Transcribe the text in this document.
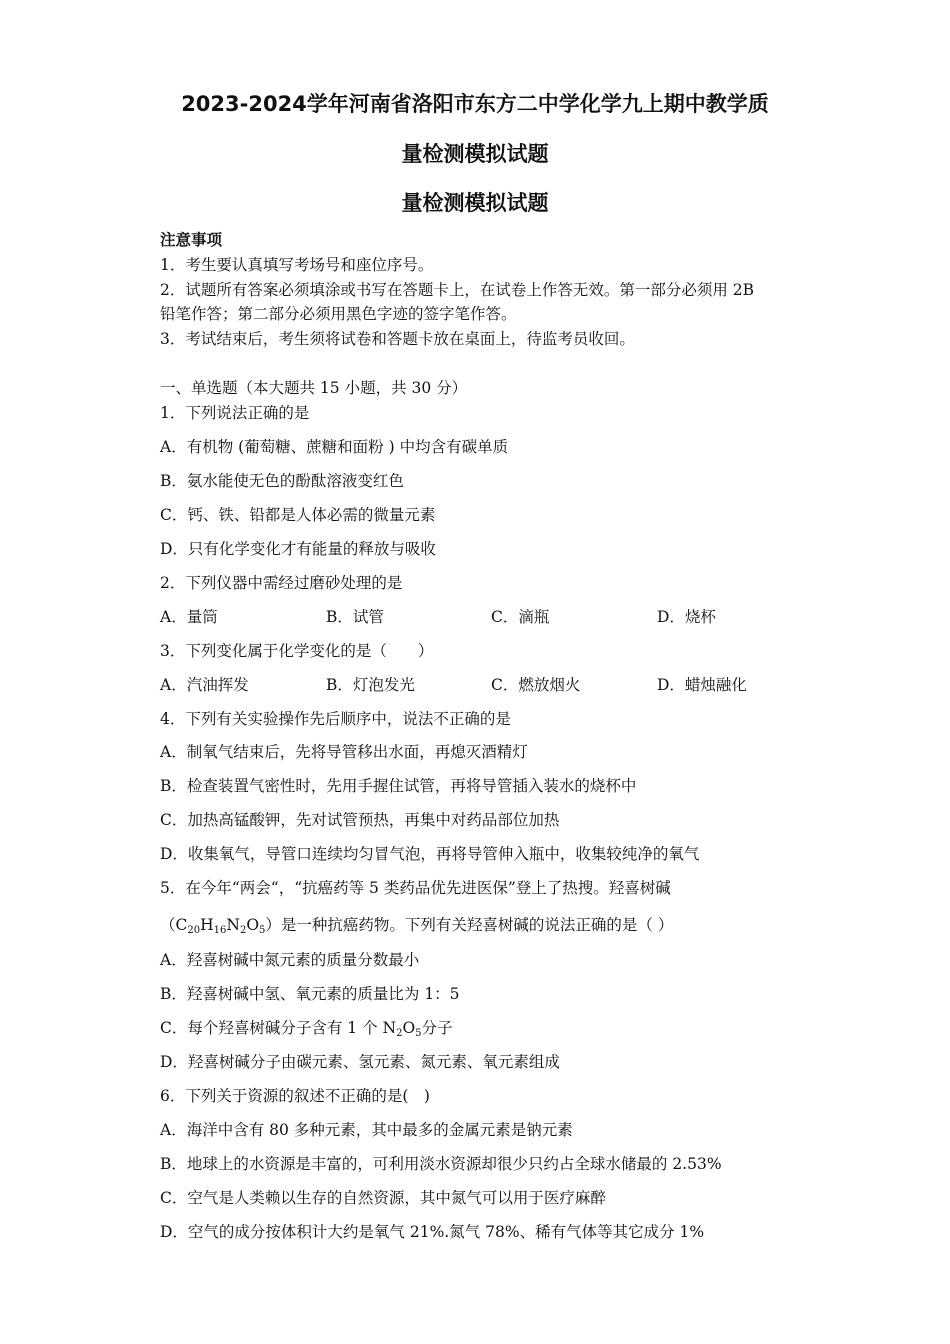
2023-2024学年河南省洛阳市东方二中学化学九上期中教学质
量检测模拟试题
量检测模拟试题
注意事项
1．考生要认真填写考场号和座位序号。
2．试题所有答案必须填涂或书写在答题卡上，在试卷上作答无效。第一部分必须用 2B
铅笔作答；第二部分必须用黑色字迹的签字笔作答。
3．考试结束后，考生须将试卷和答题卡放在桌面上，待监考员收回。
一、单选题（本大题共 15 小题，共 30 分）
1．下列说法正确的是
A．有机物 (葡萄糖、蔗糖和面粉 ) 中均含有碳单质
B．氨水能使无色的酚酞溶液变红色
C．钙、铁、铅都是人体必需的微量元素
D．只有化学变化才有能量的释放与吸收
2．下列仪器中需经过磨砂处理的是
A．量筒	B．试管	C．滴瓶	D．烧杯
3．下列变化属于化学变化的是（　　）
A．汽油挥发	B．灯泡发光	C．燃放烟火	D．蜡烛融化
4．下列有关实验操作先后顺序中，说法不正确的是
A．制氧气结束后，先将导管移出水面，再熄灭酒精灯
B．检查装置气密性时，先用手握住试管，再将导管插入装水的烧杯中
C．加热高锰酸钾，先对试管预热，再集中对药品部位加热
D．收集氧气，导管口连续均匀冒气泡，再将导管伸入瓶中，收集较纯净的氧气
5．在今年“两会“，“抗癌药等 5 类药品优先进医保”登上了热搜。羟喜树碱
$(C_{20}H_{16}N_2O_5)$是一种抗癌药物。下列有关羟喜树碱的说法正确的是（ ）
A．羟喜树碱中氮元素的质量分数最小
B．羟喜树碱中氢、氧元素的质量比为 1：5
C．每个羟喜树碱分子含有 1 个 $N_2O_5$分子
D．羟喜树碱分子由碳元素、氢元素、氮元素、氧元素组成
6．下列关于资源的叙述不正确的是(　)
A．海洋中含有 80 多种元素，其中最多的金属元素是钠元素
B．地球上的水资源是丰富的，可利用淡水资源却很少只约占全球水储最的 2.53%
C．空气是人类赖以生存的自然资源，其中氮气可以用于医疗麻醉
D．空气的成分按体积计大约是氧气 21%.氮气 78%、稀有气体等其它成分 1%
